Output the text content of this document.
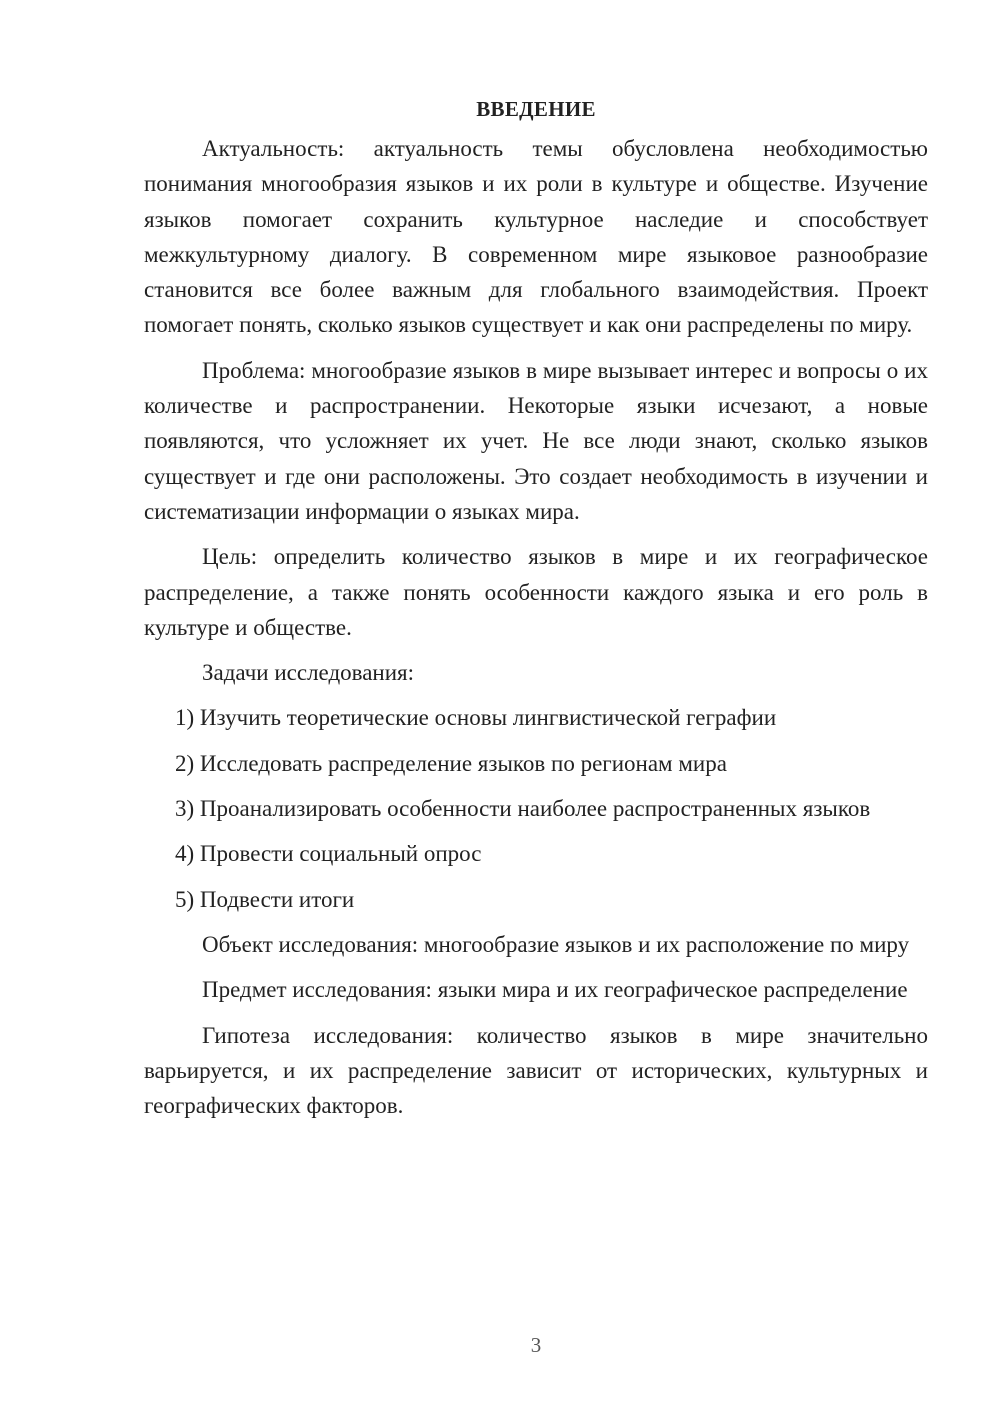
ВВЕДЕНИЕ

Актуальность: актуальность темы обусловлена необходимостью понимания многообразия языков и их роли в культуре и обществе. Изучение языков помогает сохранить культурное наследие и способствует межкультурному диалогу. В современном мире языковое разнообразие становится все более важным для глобального взаимодействия. Проект помогает понять, сколько языков существует и как они распределены по миру.

Проблема: многообразие языков в мире вызывает интерес и вопросы о их количестве и распространении. Некоторые языки исчезают, а новые появляются, что усложняет их учет. Не все люди знают, сколько языков существует и где они расположены. Это создает необходимость в изучении и систематизации информации о языках мира.

Цель: определить количество языков в мире и их географическое распределение, а также понять особенности каждого языка и его роль в культуре и обществе.

Задачи исследования:

1) Изучить теоретические основы лингвистической геграфии

2) Исследовать распределение языков по регионам мира

3) Проанализировать особенности наиболее распространенных языков

4) Провести социальный опрос

5) Подвести итоги

Объект исследования: многообразие языков и их расположение по миру

Предмет исследования: языки мира и их географическое распределение

Гипотеза исследования: количество языков в мире значительно варьируется, и их распределение зависит от исторических, культурных и географических факторов.

3
